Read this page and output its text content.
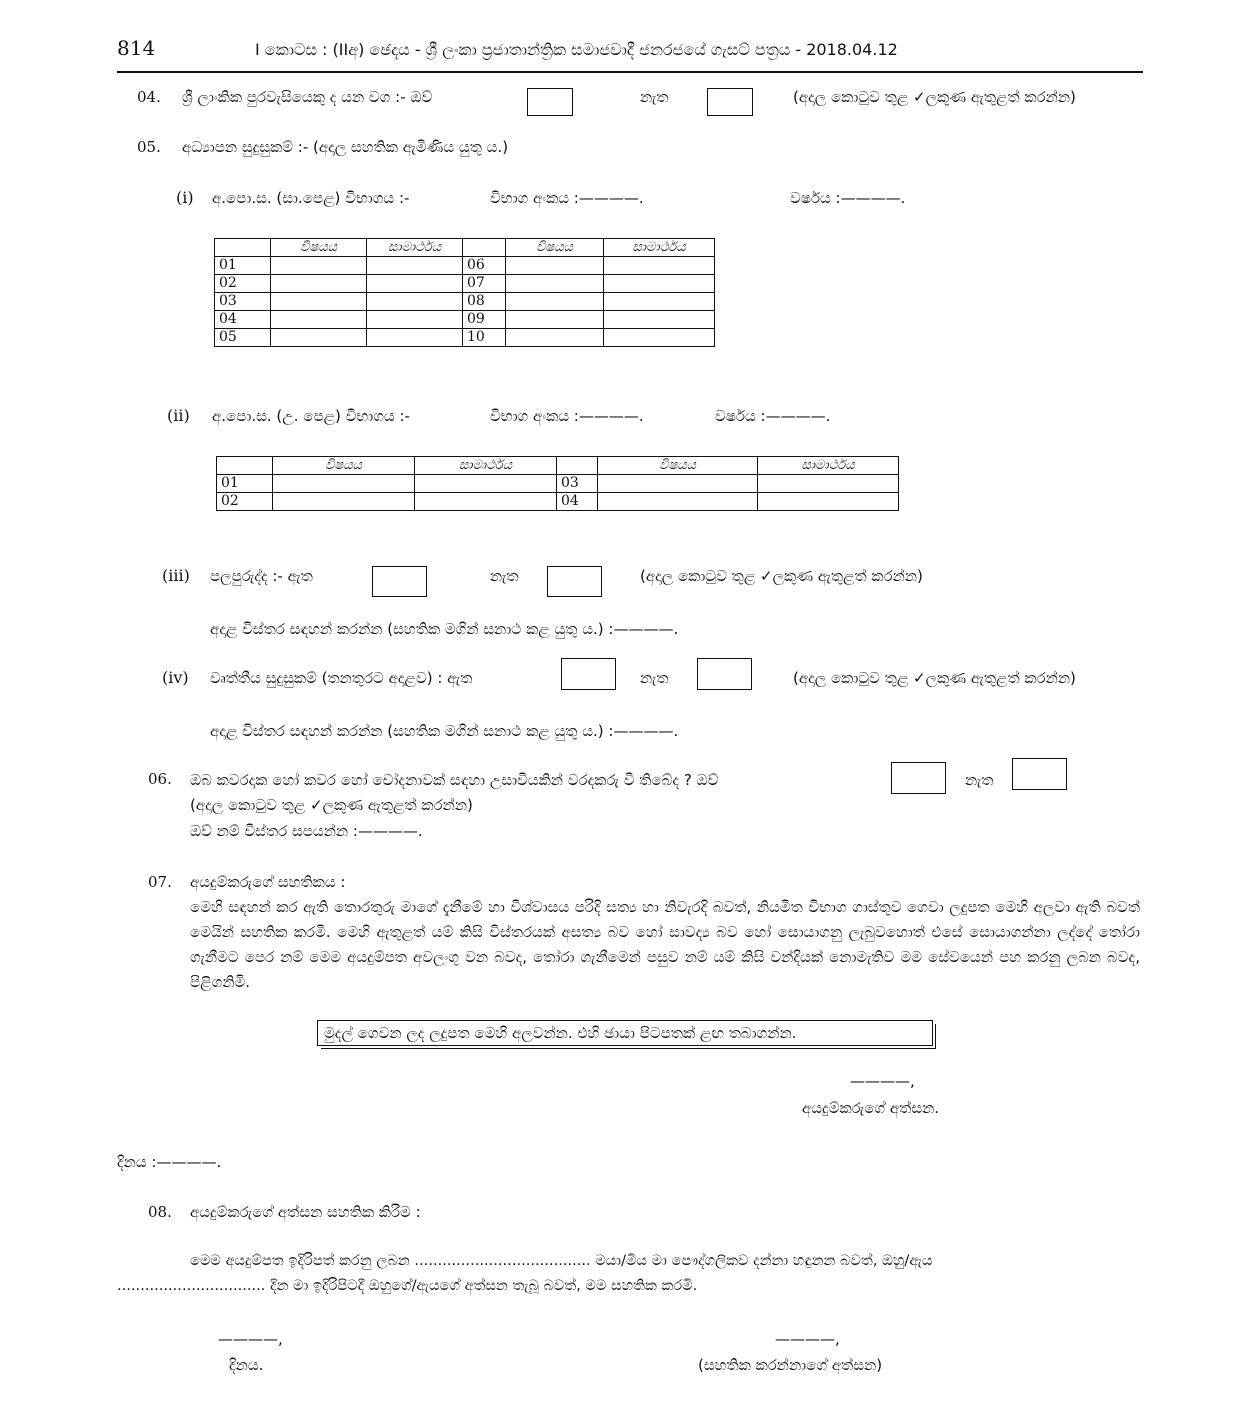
814	I කොටස : (IIඅ) ඡෙදය - ශ්‍රී ලංකා ප්‍රජාතාන්ත්‍රික සමාජවාදී ජනරජයේ ගැසට් පත්‍රය - 2018.04.12
04. ශ්‍රී ලාංකික පුරවැසියෙකු ද යන වග :- ඔව්	නැත	(අදාල කොටුව තුළ ✓ලකුණ ඇතුළත් කරන්න)
05. අධ්‍යාපන සුදුසුකම් :- (අදාල සහතික ඇමිණිය යුතු ය.)
(i) අ.පො.ස. (සා.පෙළ) විභාගය :-	විභාග අංකය :————.	වර්ෂය :————.
	විෂයය	සාමාර්ථය		විෂයය	සාමාර්ථය
01			06		
02			07		
03			08		
04			09		
05			10		
(ii) අ.පො.ස. (උ. පෙළ) විභාගය :-	විභාග අංකය :————.	වර්ෂය :————.
	විෂයය	සාමාර්ථය		විෂයය	සාමාර්ථය
01			03		
02			04		
(iii) පලපුරුද්ද :- ඇත	නැත	(අදාල කොටුව තුළ ✓ලකුණ ඇතුළත් කරන්න)
අදාළ විස්තර සඳහන් කරන්න (සහතික මගින් සනාථ කළ යුතු ය.) :————.
(iv) වෘත්තීය සුදුසුකම් (තනතුරට අදාළව) : ඇත	නැත	(අදාල කොටුව තුළ ✓ලකුණ ඇතුළත් කරන්න)
අදාළ විස්තර සඳහන් කරන්න (සහතික මගින් සනාථ කළ යුතු ය.) :————.
06. ඔබ කවරදාක හෝ කවර හෝ චෝදනාවක් සඳහා උසාවියකින් වරදකරු වී තිබේද ? ඔව්	නැත
(අදාල කොටුව තුළ ✓ලකුණ ඇතුළත් කරන්න)
ඔව් නම් විස්තර සපයන්න :————.
07. අයදුම්කරුගේ සහතිකය :
මෙහි සඳහන් කර ඇති තොරතුරු මාගේ දැනීමේ හා විශ්වාසය පරිදි සත්‍ය හා නිවැරදි බවත්, නියමිත විභාග ගාස්තුව ගෙවා ලදුපත මෙහි අලවා ඇති බවත් මෙයින් සහතික කරමි. මෙහි ඇතුළත් යම් කිසි විස්තරයක් අසත්‍ය බව හෝ සාවද්‍ය බව හෝ සොයාගනු ලැබුවහොත් එසේ සොයාගන්නා ලද්දේ තෝරා ගැනීමට පෙර නම් මෙම අයදුම්පත අවලංගු වන බවද, තෝරා ගැනීමෙන් පසුව නම් යම් කිසි වන්දියක් නොමැතිව මම සේවයෙන් පහ කරනු ලබන බවද, පිළිගනිමි.
මුදල් ගෙවන ලද ලදුපත මෙහි අලවන්න. එහි ඡායා පිටපතක් ළඟ තබාගන්න.
————,
අයදුම්කරුගේ අත්සන.
දිනය :————.
08. අයදුම්කරුගේ අත්සන සහතික කිරීම :
මෙම අයදුම්පත ඉදිරිපත් කරනු ලබන ...................................... මයා/මිය මා පෞද්ගලිකව දන්නා හඳුනන බවත්, ඔහු/ඇය
................................ දින මා ඉදිරිපිටදී ඔහුගේ/ඇයගේ අත්සන තැබූ බවත්, මම සහතික කරමි.
————,
දිනය.
————,
(සහතික කරන්නාගේ අත්සන)
